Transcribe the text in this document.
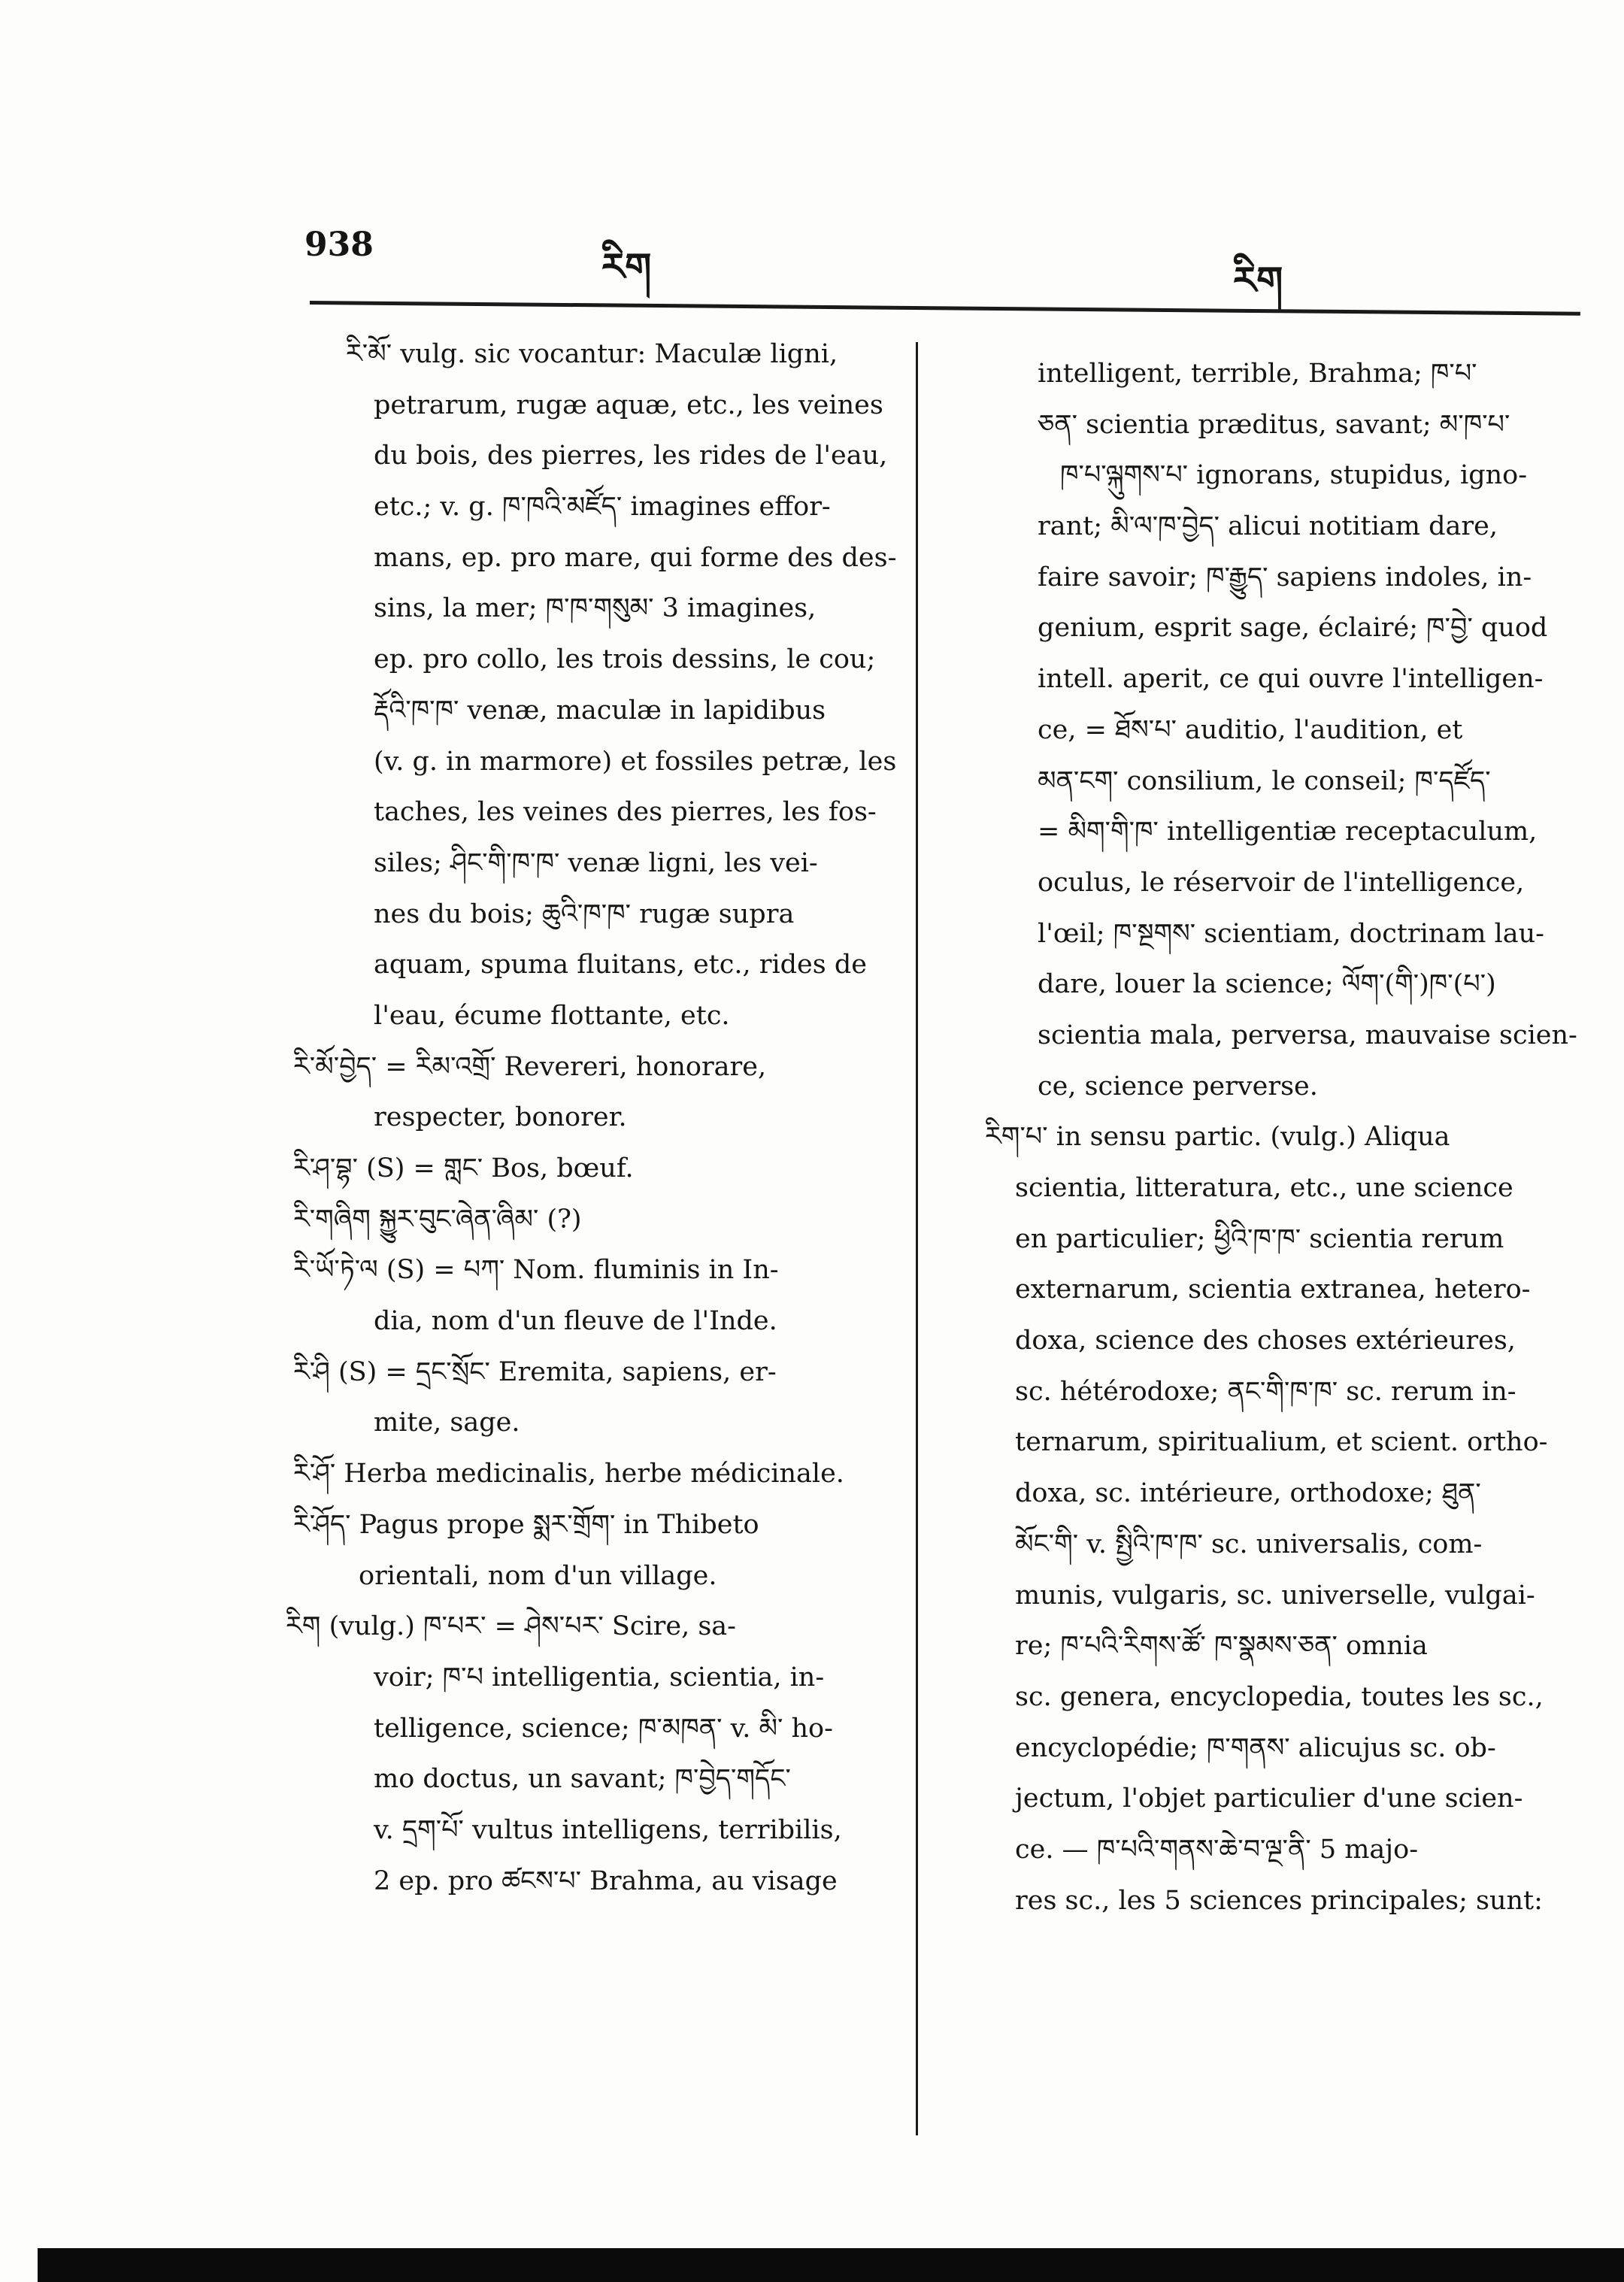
938	རིག	རིག
རི་མོ་ vulg. sic vocantur: Maculæ ligni,
petrarum, rugæ aquæ, etc., les veines
du bois, des pierres, les rides de l'eau,
etc.; v. g. ཁ་ཁའི་མཛོད་ imagines effor-
mans, ep. pro mare, qui forme des des-
sins, la mer; ཁ་ཁ་གསུམ་ 3 imagines,
ep. pro collo, les trois dessins, le cou;
རྡོའི་ཁ་ཁ་ venæ, maculæ in lapidibus
(v. g. in marmore) et fossiles petræ, les
taches, les veines des pierres, les fos-
siles; ཤིང་གི་ཁ་ཁ་ venæ ligni, les vei-
nes du bois; ཆུའི་ཁ་ཁ་ rugæ supra
aquam, spuma fluitans, etc., rides de
l'eau, écume flottante, etc.
རི་མོ་བྱེད་ = རིམ་འགྲོ་ Revereri, honorare,
respecter, bonorer.
རི་ཤ་བྷ་ (S) = གླང་ Bos, bœuf.
རི་གཞིག སྐྱུར་བུང་ཞེན་ཞིམ་ (?)
རི་ཡོ་ཏེ་ལ (S) = པཀ་ Nom. fluminis in In-
dia, nom d'un fleuve de l'Inde.
རི་ཤི (S) = དྲང་སྲོང་ Eremita, sapiens, er-
mite, sage.
རི་ཤོ་ Herba medicinalis, herbe médicinale.
རི་ཤོད་ Pagus prope སྨར་གྲོག་ in Thibeto
orientali, nom d'un village.
རིག (vulg.) ཁ་པར་ = ཤེས་པར་ Scire, sa-
voir; ཁ་པ intelligentia, scientia, in-
telligence, science; ཁ་མཁན་ v. མི་ ho-
mo doctus, un savant; ཁ་བྱེད་གདོང་
v. དྲག་པོ་ vultus intelligens, terribilis,
2 ep. pro ཚངས་པ་ Brahma, au visage
intelligent, terrible, Brahma; ཁ་པ་
ཅན་ scientia præditus, savant; མ་ཁ་པ་
ཁ་པ་ལྐུགས་པ་ ignorans, stupidus, igno-
rant; མི་ལ་ཁ་བྱེད་ alicui notitiam dare,
faire savoir; ཁ་རྒྱུད་ sapiens indoles, in-
genium, esprit sage, éclairé; ཁ་བྱེ་ quod
intell. aperit, ce qui ouvre l'intelligen-
ce, = ཐོས་པ་ auditio, l'audition, et
མན་ངག་ consilium, le conseil; ཁ་དཛོད་
= མིག་གི་ཁ་ intelligentiæ receptaculum,
oculus, le réservoir de l'intelligence,
l'œil; ཁ་སྔགས་ scientiam, doctrinam lau-
dare, louer la science; ལོག་(གི་)ཁ་(པ་)
scientia mala, perversa, mauvaise scien-
ce, science perverse.
རིག་པ་ in sensu partic. (vulg.) Aliqua
scientia, litteratura, etc., une science
en particulier; ཕྱིའི་ཁ་ཁ་ scientia rerum
externarum, scientia extranea, hetero-
doxa, science des choses extérieures,
sc. hétérodoxe; ནང་གི་ཁ་ཁ་ sc. rerum in-
ternarum, spiritualium, et scient. ortho-
doxa, sc. intérieure, orthodoxe; ཐུན་
མོང་གི་ v. སྤྱིའི་ཁ་ཁ་ sc. universalis, com-
munis, vulgaris, sc. universelle, vulgai-
re; ཁ་པའི་རིགས་ཚོ་ ཁ་སྣམས་ཅན་ omnia
sc. genera, encyclopedia, toutes les sc.,
encyclopédie; ཁ་གནས་ alicujus sc. ob-
jectum, l'objet particulier d'une scien-
ce. — ཁ་པའི་གནས་ཆེ་བ་ལྔ་ནི་ 5 majo-
res sc., les 5 sciences principales; sunt:
